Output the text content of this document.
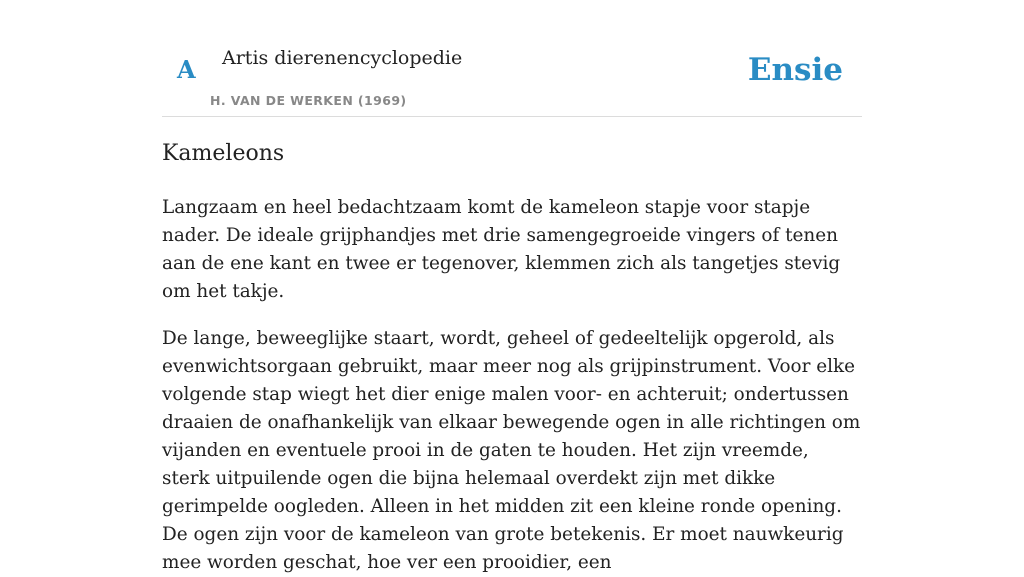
A Artis dierenencyclopedie
H. VAN DE WERKEN (1969)
Ensie
Kameleons

Langzaam en heel bedachtzaam komt de kameleon stapje voor stapje nader. De ideale grijphandjes met drie samengegroeide vingers of tenen aan de ene kant en twee er tegenover, klemmen zich als tangetjes stevig om het takje.

De lange, beweeglijke staart, wordt, geheel of gedeeltelijk opgerold, als evenwichtsorgaan gebruikt, maar meer nog als grijpinstrument. Voor elke volgende stap wiegt het dier enige malen voor- en achteruit; ondertussen draaien de onafhankelijk van elkaar bewegende ogen in alle richtingen om vijanden en eventuele prooi in de gaten te houden. Het zijn vreemde, sterk uitpuilende ogen die bijna helemaal overdekt zijn met dikke gerimpelde oogleden. Alleen in het midden zit een kleine ronde opening. De ogen zijn voor de kameleon van grote betekenis. Er moet nauwkeurig mee worden geschat, hoe ver een prooidier, een
